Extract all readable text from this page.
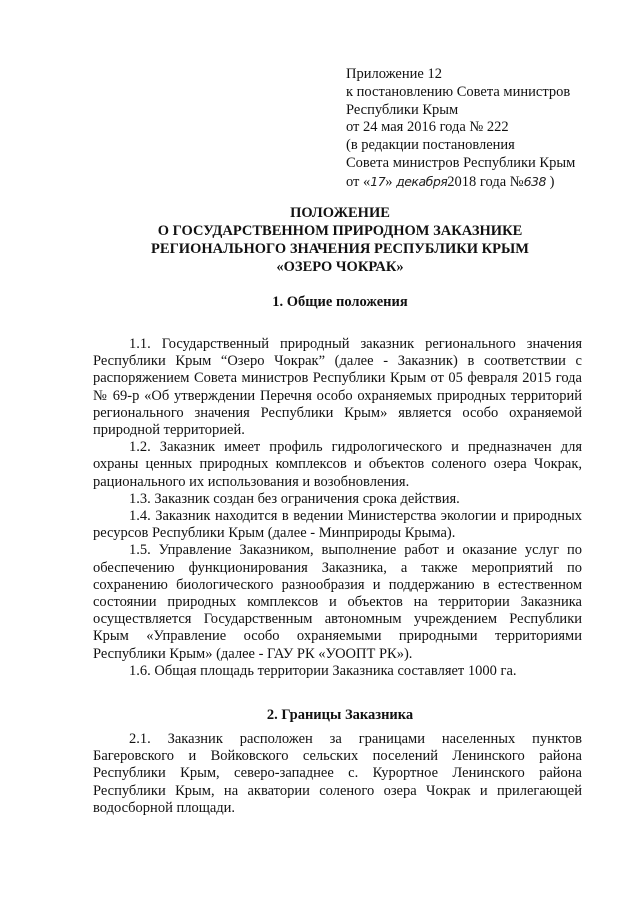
Приложение 12
к постановлению Совета министров
Республики Крым
от 24 мая 2016 года № 222
(в редакции постановления
Совета министров Республики Крым
от «17» декабря2018 года №638 )
ПОЛОЖЕНИЕ
О ГОСУДАРСТВЕННОМ ПРИРОДНОМ ЗАКАЗНИКЕ
РЕГИОНАЛЬНОГО ЗНАЧЕНИЯ РЕСПУБЛИКИ КРЫМ
«ОЗЕРО ЧОКРАК»
1. Общие положения

1.1. Государственный природный заказник регионального значения Республики Крым “Озеро Чокрак” (далее - Заказник) в соответствии с распоряжением Совета министров Республики Крым от 05 февраля 2015 года № 69-р «Об утверждении Перечня особо охраняемых природных территорий регионального значения Республики Крым» является особо охраняемой природной территорией.

1.2. Заказник имеет профиль гидрологического и предназначен для охраны ценных природных комплексов и объектов соленого озера Чокрак, рационального их использования и возобновления.

1.3. Заказник создан без ограничения срока действия.

1.4. Заказник находится в ведении Министерства экологии и природных ресурсов Республики Крым (далее - Минприроды Крыма).

1.5. Управление Заказником, выполнение работ и оказание услуг по обеспечению функционирования Заказника, а также мероприятий по сохранению биологического разнообразия и поддержанию в естественном состоянии природных комплексов и объектов на территории Заказника осуществляется Государственным автономным учреждением Республики Крым «Управление особо охраняемыми природными территориями Республики Крым» (далее - ГАУ РК «УООПТ РК»).

1.6. Общая площадь территории Заказника составляет 1000 га.

2. Границы Заказника

2.1. Заказник расположен за границами населенных пунктов Багеровского и Войковского сельских поселений Ленинского района Республики Крым, северо-западнее с. Курортное Ленинского района Республики Крым, на акватории соленого озера Чокрак и прилегающей водосборной площади.
